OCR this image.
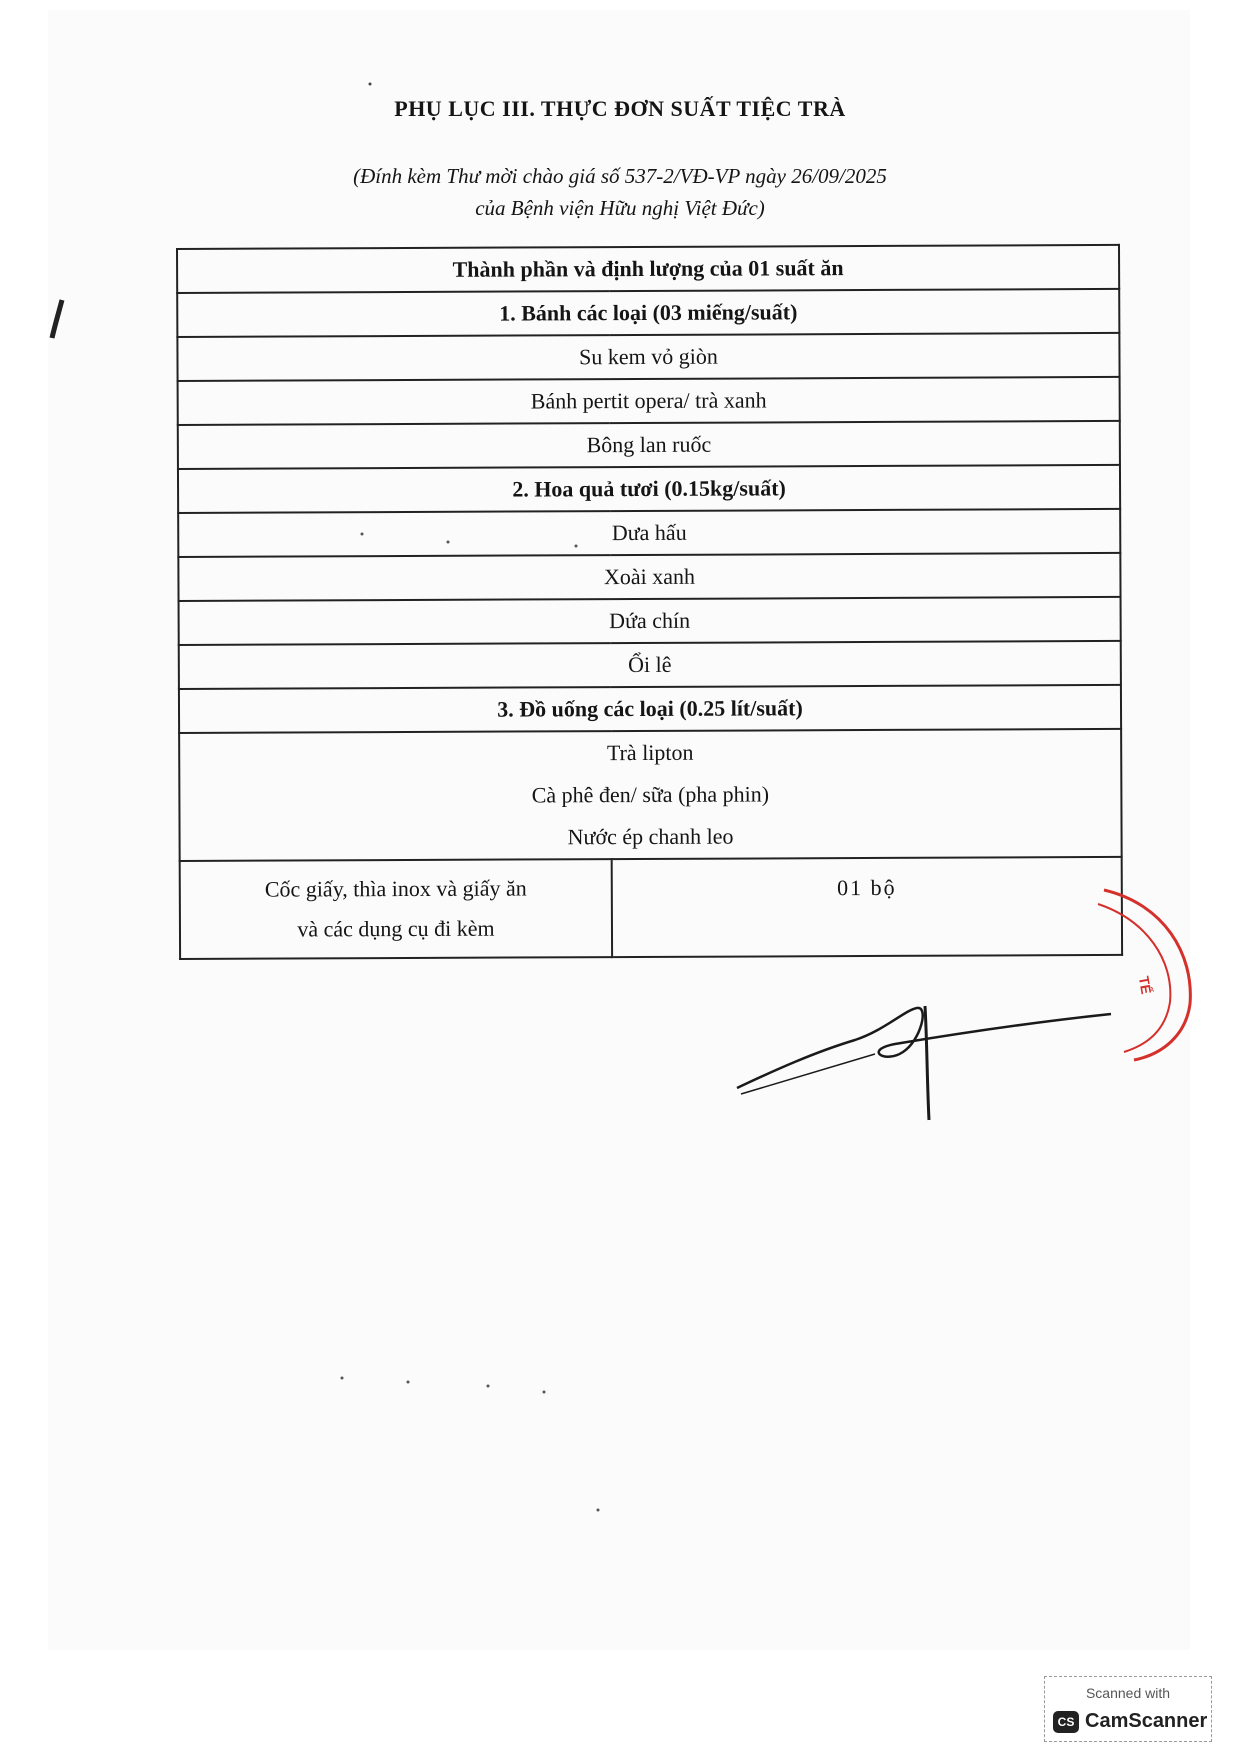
PHỤ LỤC III. THỰC ĐƠN SUẤT TIỆC TRÀ
(Đính kèm Thư mời chào giá số 537-2/VĐ-VP ngày 26/09/2025
của Bệnh viện Hữu nghị Việt Đức)
Thành phần và định lượng của 01 suất ăn
1. Bánh các loại (03 miếng/suất)
Su kem vỏ giòn
Bánh pertit opera/ trà xanh
Bông lan ruốc
2. Hoa quả tươi (0.15kg/suất)
Dưa hấu
Xoài xanh
Dứa chín
Ổi lê
3. Đồ uống các loại (0.25 lít/suất)

Trà lipton
Cà phê đen/ sữa (pha phin)
Nước ép chanh leo

Cốc giấy, thìa inox và giấy ăn
và các dụng cụ đi kèm
	01 bộ
TẾ
Scanned with
CS CamScanner
